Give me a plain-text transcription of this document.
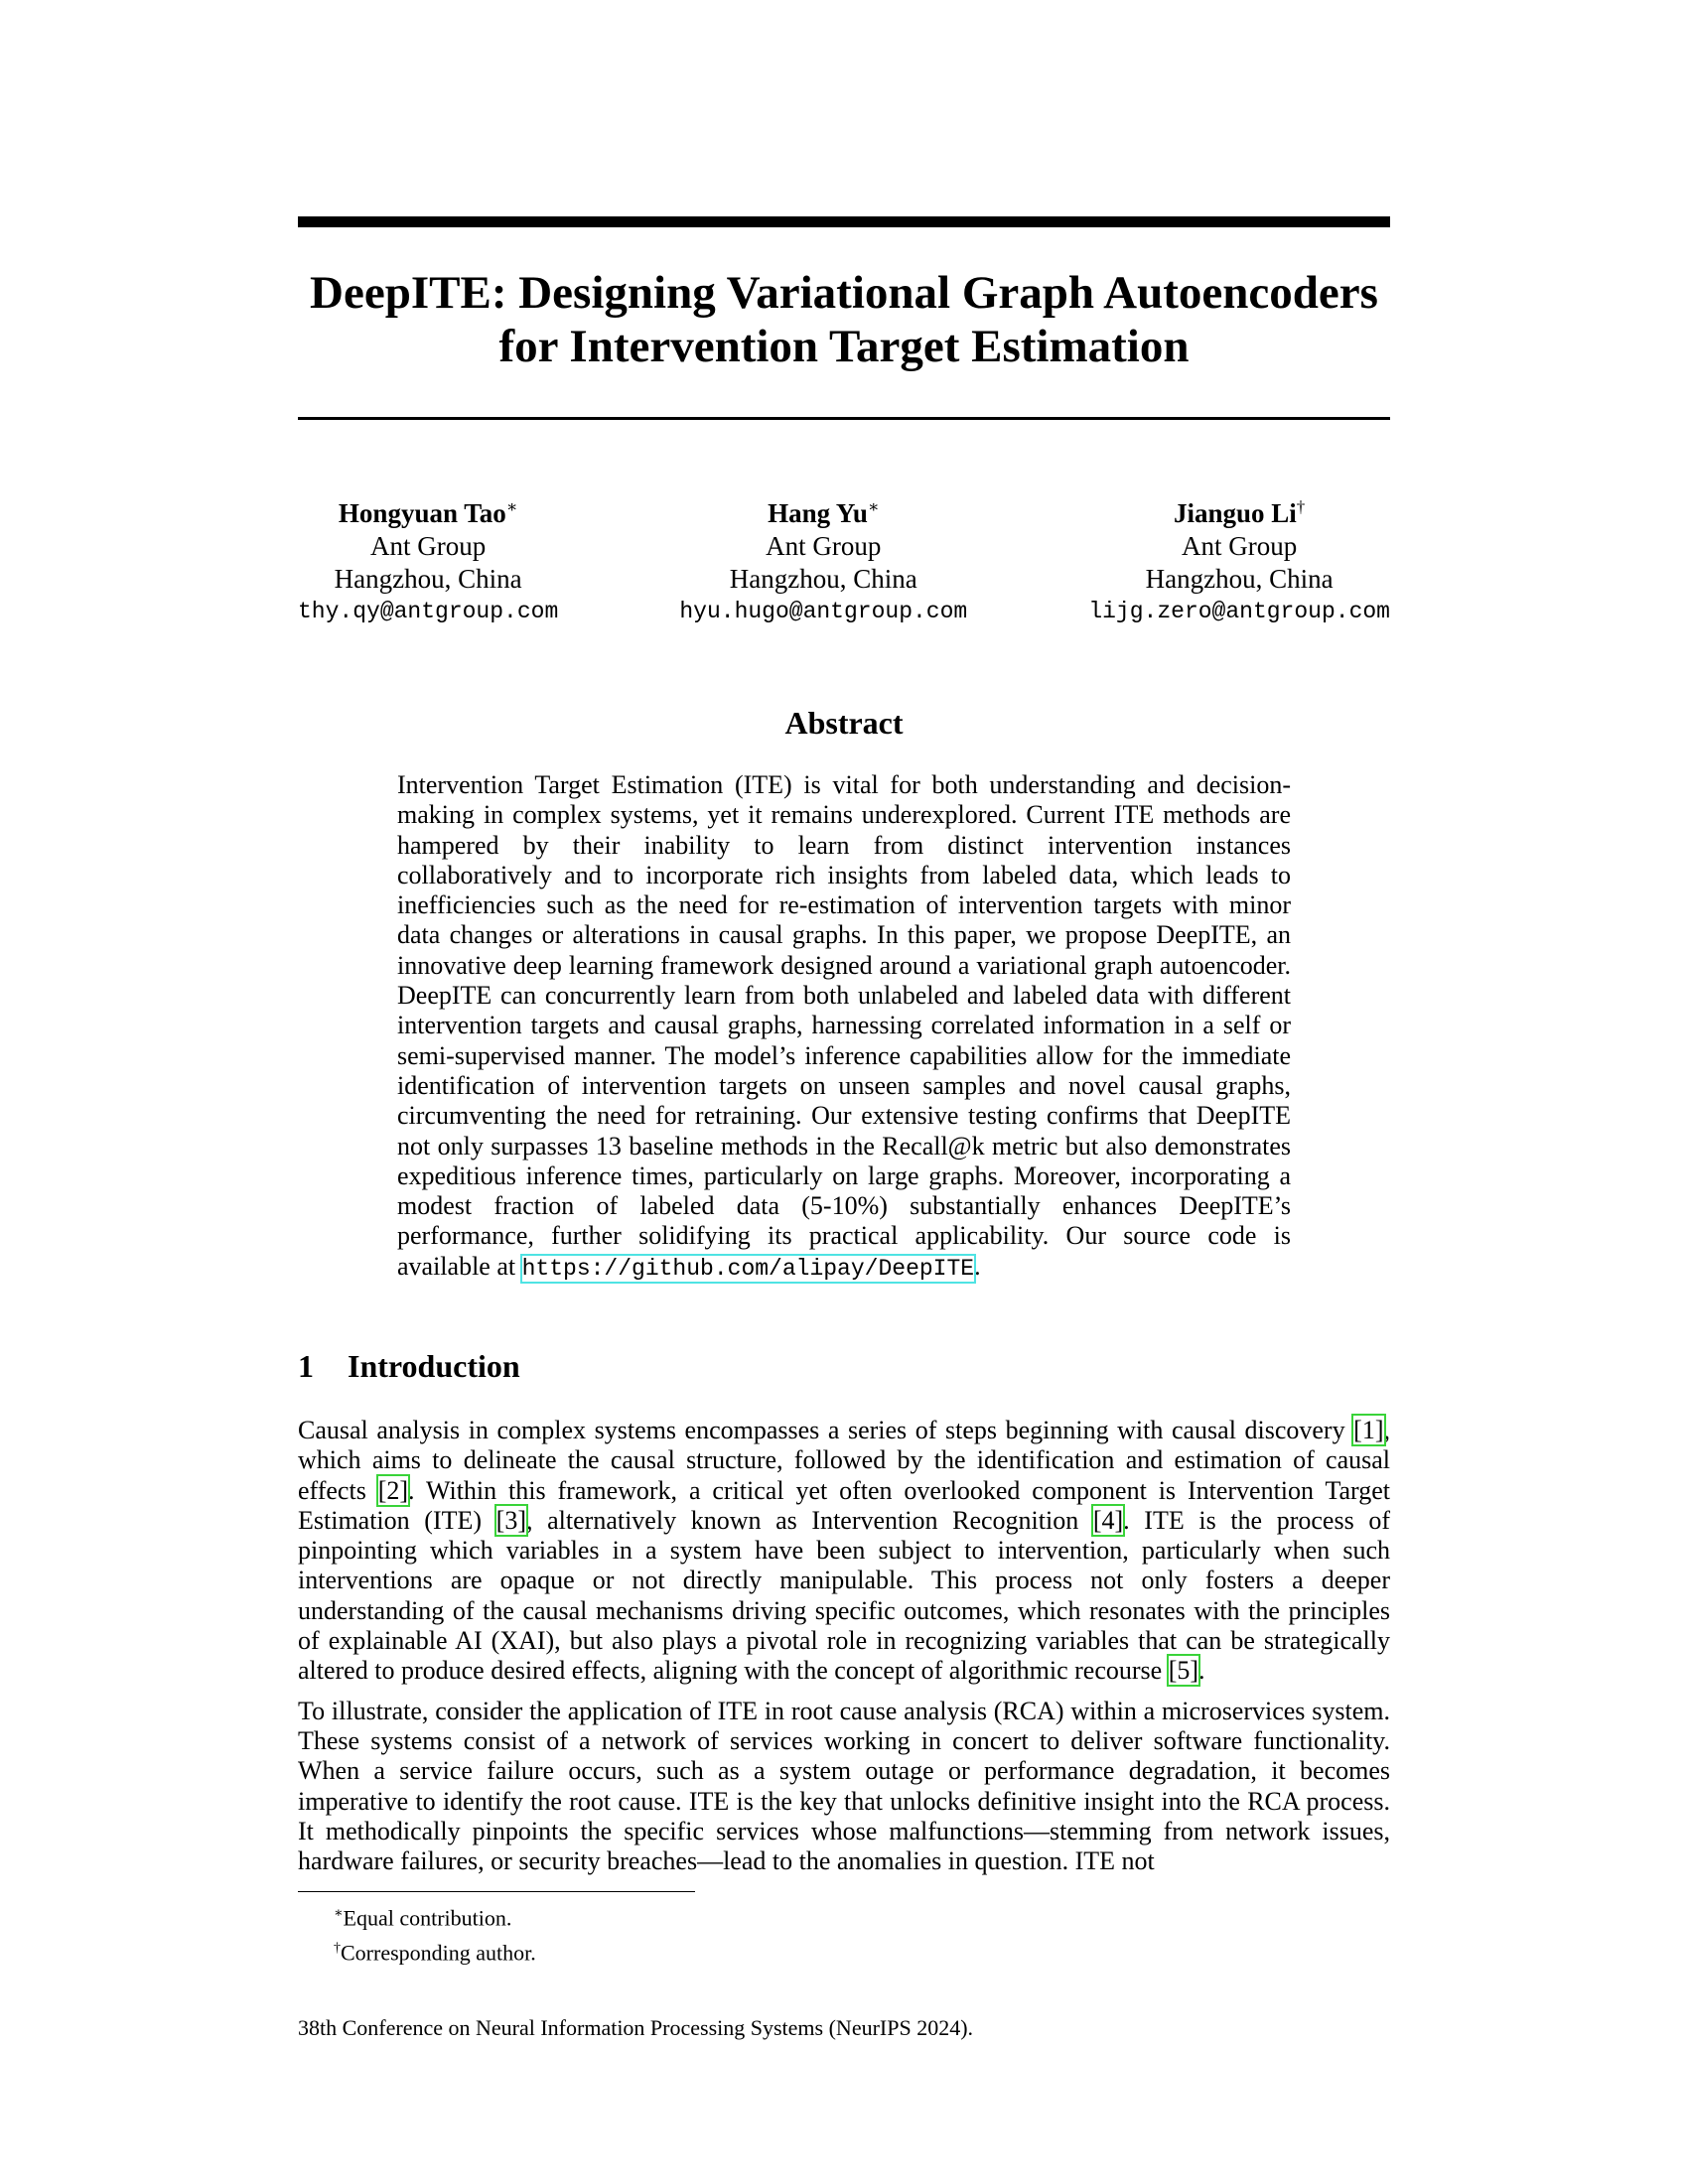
DeepITE: Designing Variational Graph Autoencoders
for Intervention Target Estimation
Hongyuan Tao∗
Ant Group
Hangzhou, China
thy.qy@antgroup.com
Hang Yu∗
Ant Group
Hangzhou, China
hyu.hugo@antgroup.com
Jianguo Li†
Ant Group
Hangzhou, China
lijg.zero@antgroup.com
Abstract

Intervention Target Estimation (ITE) is vital for both understanding and decision-making in complex systems, yet it remains underexplored. Current ITE methods are hampered by their inability to learn from distinct intervention instances collaboratively and to incorporate rich insights from labeled data, which leads to inefficiencies such as the need for re-estimation of intervention targets with minor data changes or alterations in causal graphs. In this paper, we propose DeepITE, an innovative deep learning framework designed around a variational graph autoencoder. DeepITE can concurrently learn from both unlabeled and labeled data with different intervention targets and causal graphs, harnessing correlated information in a self or semi-supervised manner. The model’s inference capabilities allow for the immediate identification of intervention targets on unseen samples and novel causal graphs, circumventing the need for retraining. Our extensive testing confirms that DeepITE not only surpasses 13 baseline methods in the Recall@k metric but also demonstrates expeditious inference times, particularly on large graphs. Moreover, incorporating a modest fraction of labeled data (5-10%) substantially enhances DeepITE’s performance, further solidifying its practical applicability. Our source code is available at https://github.com/alipay/DeepITE.

1 Introduction

Causal analysis in complex systems encompasses a series of steps beginning with causal discovery [1], which aims to delineate the causal structure, followed by the identification and estimation of causal effects [2]. Within this framework, a critical yet often overlooked component is Intervention Target Estimation (ITE) [3], alternatively known as Intervention Recognition [4]. ITE is the process of pinpointing which variables in a system have been subject to intervention, particularly when such interventions are opaque or not directly manipulable. This process not only fosters a deeper understanding of the causal mechanisms driving specific outcomes, which resonates with the principles of explainable AI (XAI), but also plays a pivotal role in recognizing variables that can be strategically altered to produce desired effects, aligning with the concept of algorithmic recourse [5].

To illustrate, consider the application of ITE in root cause analysis (RCA) within a microservices system. These systems consist of a network of services working in concert to deliver software functionality. When a service failure occurs, such as a system outage or performance degradation, it becomes imperative to identify the root cause. ITE is the key that unlocks definitive insight into the RCA process. It methodically pinpoints the specific services whose malfunctions—stemming from network issues, hardware failures, or security breaches—lead to the anomalies in question. ITE not

∗Equal contribution.
†Corresponding author.
38th Conference on Neural Information Processing Systems (NeurIPS 2024).
